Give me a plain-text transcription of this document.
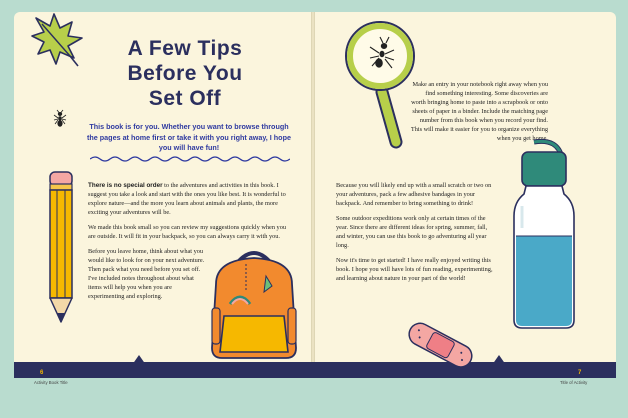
A Few Tips
Before You
Set Off
This book is for you. Whether you want to browse through the pages at home first or take it with you right away, I hope you will have fun!

There is no special order to the adventures and activities in this book. I suggest you take a look and start with the ones you like best. It is wonderful to explore nature—and the more you learn about animals and plants, the more exciting your adventures will be.

We made this book small so you can review my suggestions quickly when you are outside. It will fit in your backpack, so you can always carry it with you.

Before you leave home, think about what you would like to look for on your next adventure. Then pack what you need before you set off. I've included notes throughout about what items will help you when you are experimenting and exploring.

Make an entry in your notebook right away when you find something interesting. Some discoveries are worth bringing home to paste into a scrapbook or onto sheets of paper in a binder. Include the matching page number from this book when you record your find. This will make it easier for you to organize everything when you get home.

Because you will likely end up with a small scratch or two on your adventures, pack a few adhesive bandages in your backpack. And remember to bring something to drink!

Some outdoor expeditions work only at certain times of the year. Since there are different ideas for spring, summer, fall, and winter, you can use this book to go adventuring all year long.

Now it's time to get started! I have really enjoyed writing this book. I hope you will have lots of fun reading, experimenting, and learning about nature in your part of the world!

6
Activity Book Title
7
Title of Activity
